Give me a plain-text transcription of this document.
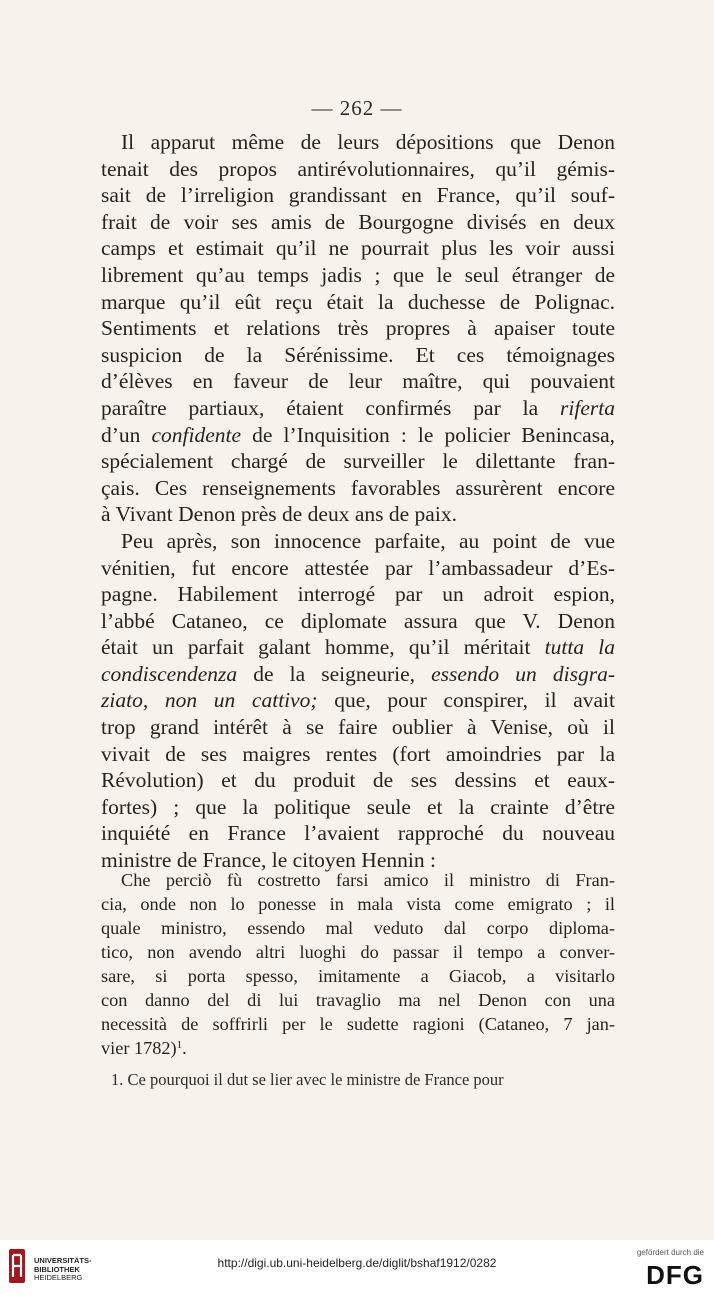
— 262 —
Il apparut même de leurs dépositions que Denon
tenait des propos antirévolutionnaires, qu’il gémis-
sait de l’irreligion grandissant en France, qu’il souf-
frait de voir ses amis de Bourgogne divisés en deux
camps et estimait qu’il ne pourrait plus les voir aussi
librement qu’au temps jadis ; que le seul étranger de
marque qu’il eût reçu était la duchesse de Polignac.
Sentiments et relations très propres à apaiser toute
suspicion de la Sérénissime. Et ces témoignages
d’élèves en faveur de leur maître, qui pouvaient
paraître partiaux, étaient confirmés par la riferta
d’un confidente de l’Inquisition : le policier Benincasa,
spécialement chargé de surveiller le dilettante fran-
çais. Ces renseignements favorables assurèrent encore
à Vivant Denon près de deux ans de paix.
Peu après, son innocence parfaite, au point de vue
vénitien, fut encore attestée par l’ambassadeur d’Es-
pagne. Habilement interrogé par un adroit espion,
l’abbé Cataneo, ce diplomate assura que V. Denon
était un parfait galant homme, qu’il méritait tutta la
condiscendenza de la seigneurie, essendo un disgra-
ziato, non un cattivo; que, pour conspirer, il avait
trop grand intérêt à se faire oublier à Venise, où il
vivait de ses maigres rentes (fort amoindries par la
Révolution) et du produit de ses dessins et eaux-
fortes) ; que la politique seule et la crainte d’être
inquiété en France l’avaient rapproché du nouveau
ministre de France, le citoyen Hennin :
Che perciò fù costretto farsi amico il ministro di Fran-
cia, onde non lo ponesse in mala vista come emigrato ; il
quale ministro, essendo mal veduto dal corpo diploma-
tico, non avendo altri luoghi do passar il tempo a conver-
sare, si porta spesso, imitamente a Giacob, a visitarlo
con danno del di lui travaglio ma nel Denon con una
necessità de soffrirli per le sudette ragioni (Cataneo, 7 jan-
vier 1782)$^1$.
1. Ce pourquoi il dut se lier avec le ministre de France pour
UNIVERSITÄTS-
BIBLIOTHEK
HEIDELBERG
http://digi.ub.uni-heidelberg.de/diglit/bshaf1912/0282
gefördert durch die
DFG
